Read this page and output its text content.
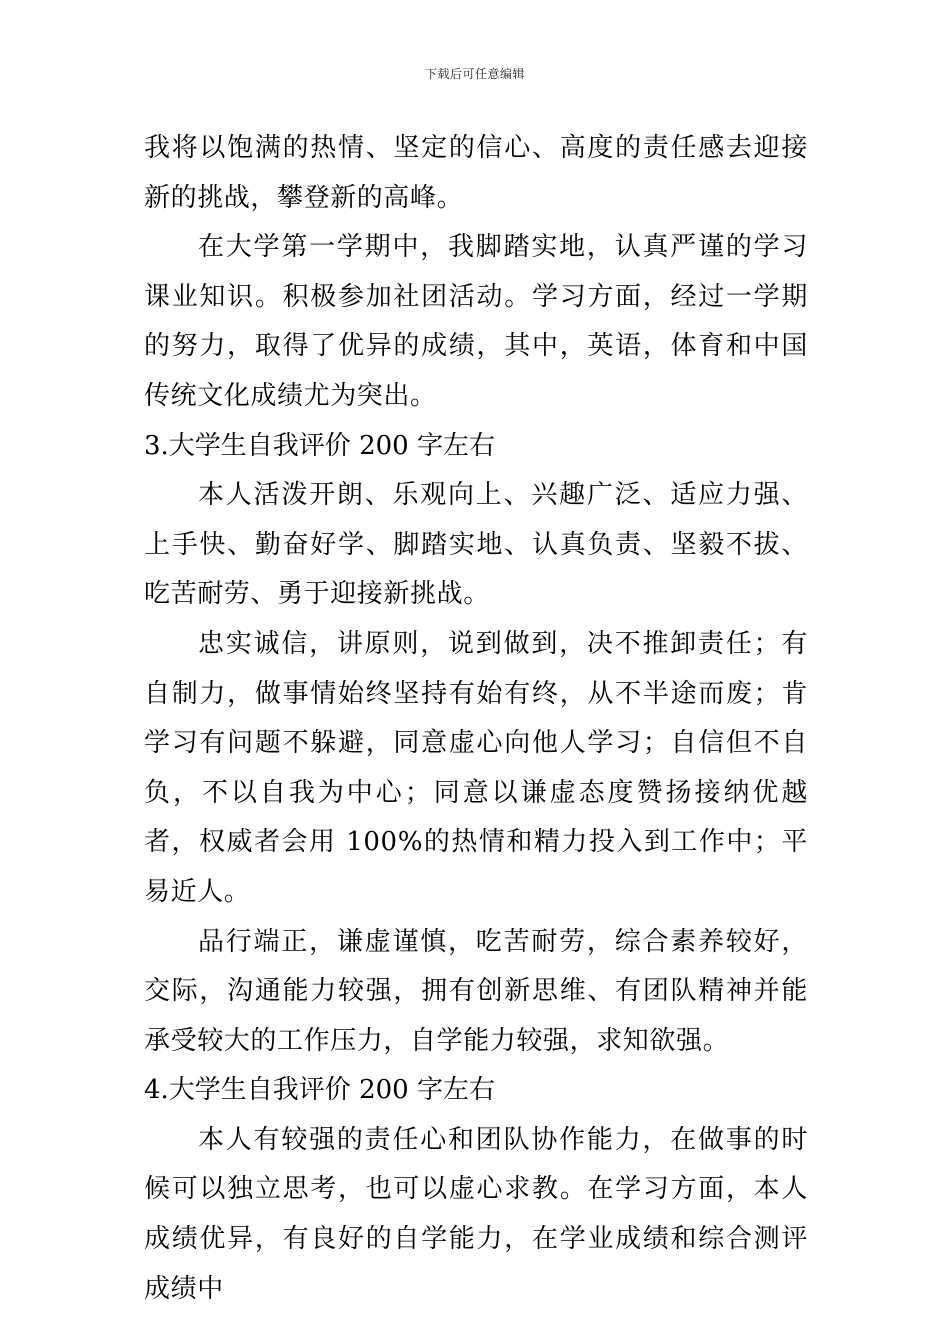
下载后可任意编辑

我将以饱满的热情、坚定的信心、高度的责任感去迎接新的挑战，攀登新的高峰。

在大学第一学期中，我脚踏实地，认真严谨的学习课业知识。积极参加社团活动。学习方面，经过一学期的努力，取得了优异的成绩，其中，英语，体育和中国传统文化成绩尤为突出。

3.大学生自我评价 200 字左右

本人活泼开朗、乐观向上、兴趣广泛、适应力强、上手快、勤奋好学、脚踏实地、认真负责、坚毅不拔、吃苦耐劳、勇于迎接新挑战。

忠实诚信，讲原则，说到做到，决不推卸责任；有自制力，做事情始终坚持有始有终，从不半途而废；肯学习有问题不躲避，同意虚心向他人学习；自信但不自负，不以自我为中心；同意以谦虚态度赞扬接纳优越者，权威者会用 100%的热情和精力投入到工作中；平易近人。

品行端正，谦虚谨慎，吃苦耐劳，综合素养较好，交际，沟通能力较强，拥有创新思维、有团队精神并能承受较大的工作压力，自学能力较强，求知欲强。

4.大学生自我评价 200 字左右

本人有较强的责任心和团队协作能力，在做事的时候可以独立思考，也可以虚心求教。在学习方面，本人成绩优异，有良好的自学能力，在学业成绩和综合测评成绩中
